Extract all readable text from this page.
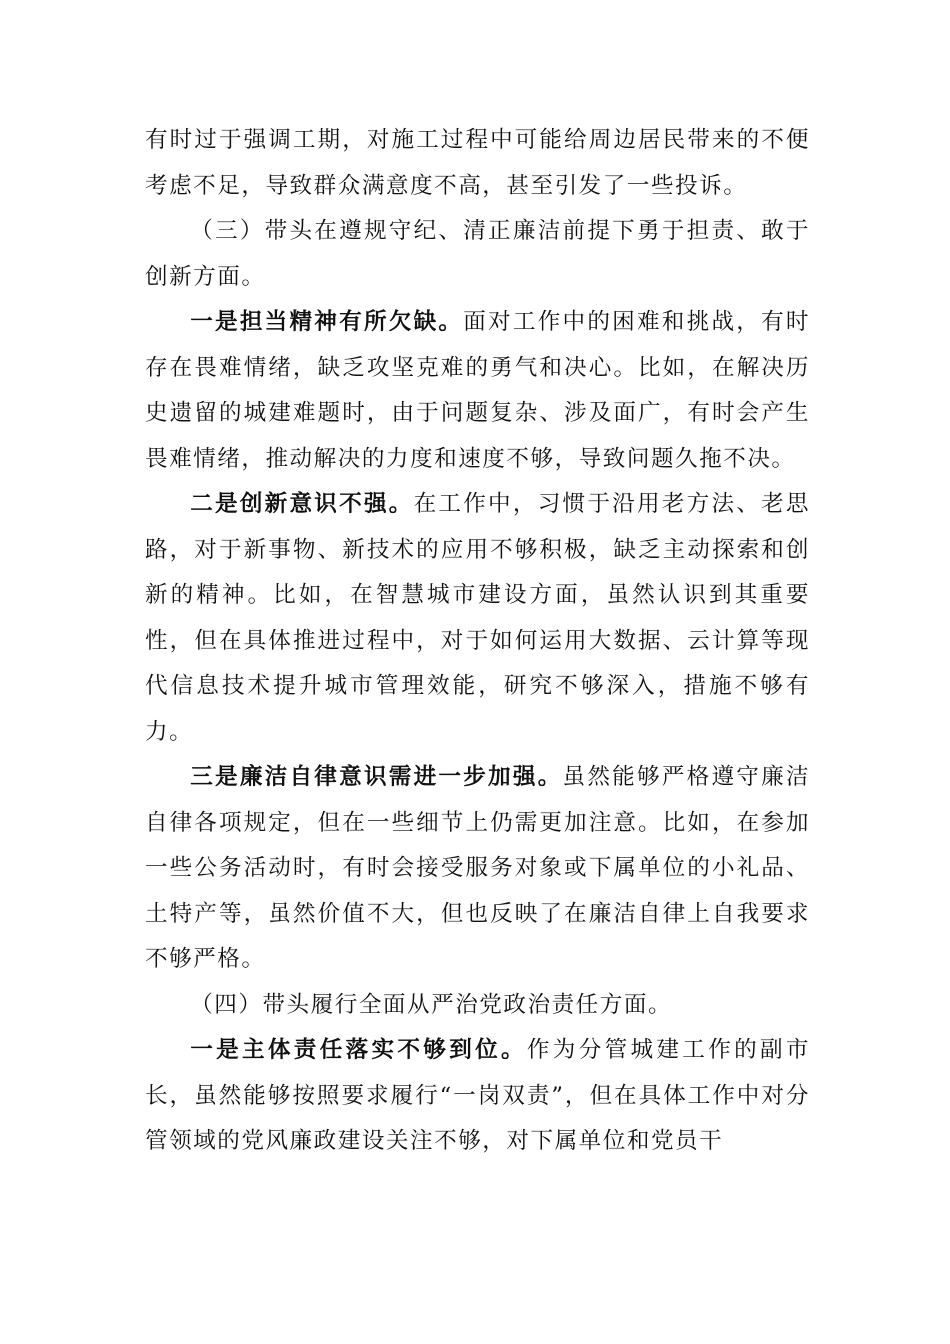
有时过于强调工期，对施工过程中可能给周边居民带来的不便考虑不足，导致群众满意度不高，甚至引发了一些投诉。

（三）带头在遵规守纪、清正廉洁前提下勇于担责、敢于创新方面。

一是担当精神有所欠缺。面对工作中的困难和挑战，有时存在畏难情绪，缺乏攻坚克难的勇气和决心。比如，在解决历史遗留的城建难题时，由于问题复杂、涉及面广，有时会产生畏难情绪，推动解决的力度和速度不够，导致问题久拖不决。

二是创新意识不强。在工作中，习惯于沿用老方法、老思路，对于新事物、新技术的应用不够积极，缺乏主动探索和创新的精神。比如，在智慧城市建设方面，虽然认识到其重要性，但在具体推进过程中，对于如何运用大数据、云计算等现代信息技术提升城市管理效能，研究不够深入，措施不够有力。

三是廉洁自律意识需进一步加强。虽然能够严格遵守廉洁自律各项规定，但在一些细节上仍需更加注意。比如，在参加一些公务活动时，有时会接受服务对象或下属单位的小礼品、土特产等，虽然价值不大，但也反映了在廉洁自律上自我要求不够严格。

（四）带头履行全面从严治党政治责任方面。

一是主体责任落实不够到位。作为分管城建工作的副市长，虽然能够按照要求履行“一岗双责”，但在具体工作中对分管领域的党风廉政建设关注不够，对下属单位和党员干
